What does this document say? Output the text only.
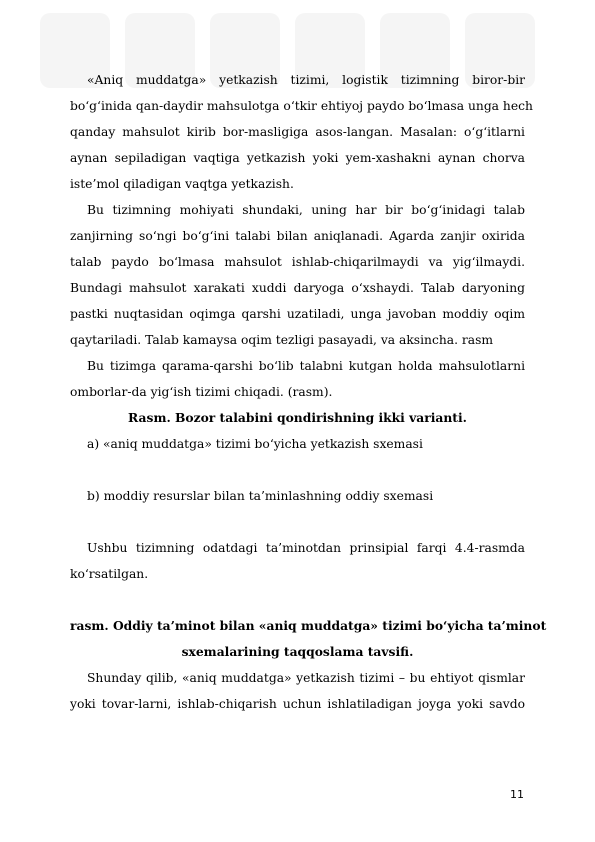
«Aniq muddatga» yetkazish tizimi, logistik tizimning biror-bir
bo‘g‘inida qan-daydir mahsulotga o‘tkir ehtiyoj paydo bo‘lmasa unga hech
qanday mahsulot kirib bor-masligiga asos-langan. Masalan: o‘g‘itlarni
aynan sepiladigan vaqtiga yetkazish yoki yem-xashakni aynan chorva
iste’mol qiladigan vaqtga yetkazish.
Bu tizimning mohiyati shundaki, uning har bir bo‘g‘inidagi talab
zanjirning so‘ngi bo‘g‘ini talabi bilan aniqlanadi. Agarda zanjir oxirida
talab paydo bo‘lmasa mahsulot ishlab-chiqarilmaydi va yig‘ilmaydi.
Bundagi mahsulot xarakati xuddi daryoga o‘xshaydi. Talab daryoning
pastki nuqtasidan oqimga qarshi uzatiladi, unga javoban moddiy oqim
qaytariladi. Talab kamaysa oqim tezligi pasayadi, va aksincha. rasm
Bu tizimga qarama-qarshi bo‘lib talabni kutgan holda mahsulotlarni
omborlar-da yig‘ish tizimi chiqadi. (rasm).
Rasm. Bozor talabini qondirishning ikki varianti.
a) «aniq muddatga» tizimi bo‘yicha yetkazish sxemasi
b) moddiy resurslar bilan ta’minlashning oddiy sxemasi
Ushbu tizimning odatdagi ta’minotdan prinsipial farqi 4.4-rasmda
ko‘rsatilgan.
rasm. Oddiy ta’minot bilan «aniq muddatga» tizimi bo‘yicha ta’minot
sxemalarining taqqoslama tavsifi.
Shunday qilib, «aniq muddatga» yetkazish tizimi – bu ehtiyot qismlar
yoki tovar-larni, ishlab-chiqarish uchun ishlatiladigan joyga yoki savdo
11
